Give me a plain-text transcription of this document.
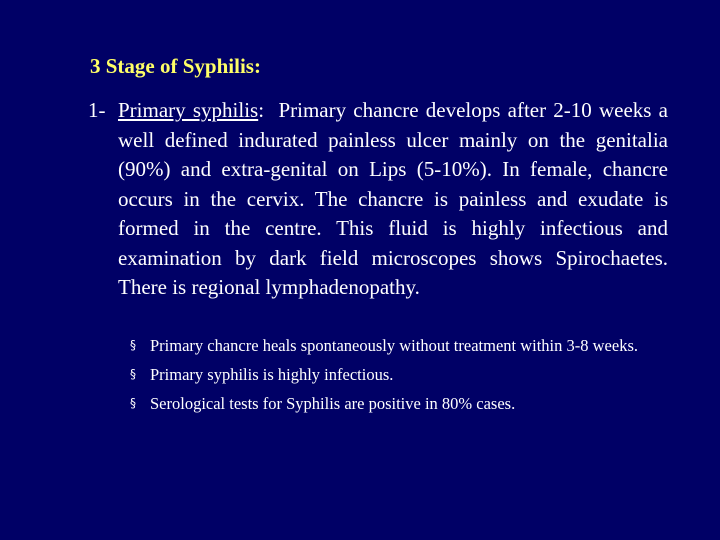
3 Stage of Syphilis:
1- Primary syphilis: Primary chancre develops after 2-10 weeks a well defined indurated painless ulcer mainly on the genitalia (90%) and extra-genital on Lips (5-10%). In female, chancre occurs in the cervix. The chancre is painless and exudate is formed in the centre. This fluid is highly infectious and examination by dark field microscopes shows Spirochaetes. There is regional lymphadenopathy.
§ Primary chancre heals spontaneously without treatment within 3-8 weeks.
§ Primary syphilis is highly infectious.
§ Serological tests for Syphilis are positive in 80% cases.
